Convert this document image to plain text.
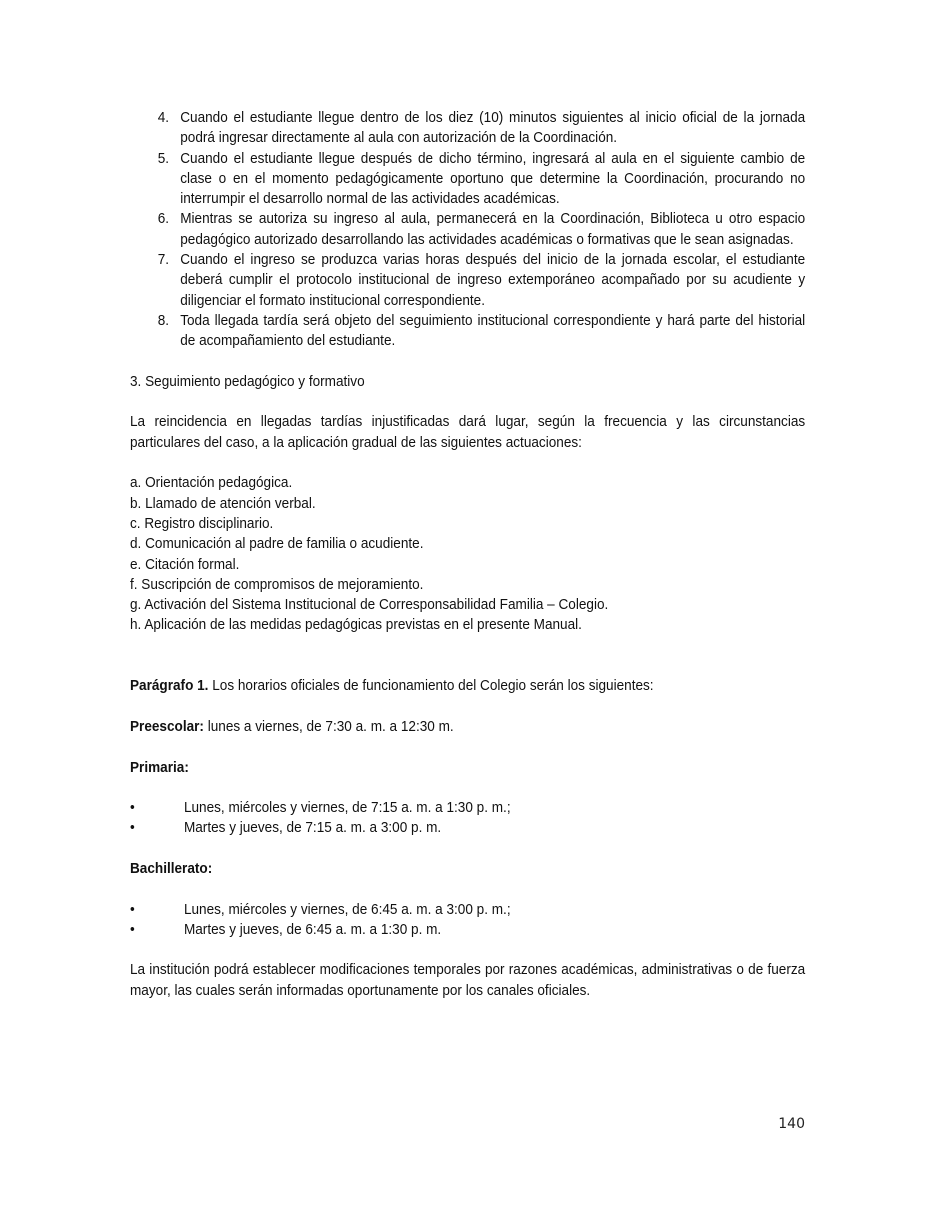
4. Cuando el estudiante llegue dentro de los diez (10) minutos siguientes al inicio oficial de la jornada podrá ingresar directamente al aula con autorización de la Coordinación.
5. Cuando el estudiante llegue después de dicho término, ingresará al aula en el siguiente cambio de clase o en el momento pedagógicamente oportuno que determine la Coordinación, procurando no interrumpir el desarrollo normal de las actividades académicas.
6. Mientras se autoriza su ingreso al aula, permanecerá en la Coordinación, Biblioteca u otro espacio pedagógico autorizado desarrollando las actividades académicas o formativas que le sean asignadas.
7. Cuando el ingreso se produzca varias horas después del inicio de la jornada escolar, el estudiante deberá cumplir el protocolo institucional de ingreso extemporáneo acompañado por su acudiente y diligenciar el formato institucional correspondiente.
8. Toda llegada tardía será objeto del seguimiento institucional correspondiente y hará parte del historial de acompañamiento del estudiante.

3. Seguimiento pedagógico y formativo

La reincidencia en llegadas tardías injustificadas dará lugar, según la frecuencia y las circunstancias particulares del caso, a la aplicación gradual de las siguientes actuaciones:

a. Orientación pedagógica.
b. Llamado de atención verbal.
c. Registro disciplinario.
d. Comunicación al padre de familia o acudiente.
e. Citación formal.
f. Suscripción de compromisos de mejoramiento.
g. Activación del Sistema Institucional de Corresponsabilidad Familia – Colegio.
h. Aplicación de las medidas pedagógicas previstas en el presente Manual.

Parágrafo 1. Los horarios oficiales de funcionamiento del Colegio serán los siguientes:

Preescolar: lunes a viernes, de 7:30 a. m. a 12:30 m.

Primaria:

•	Lunes, miércoles y viernes, de 7:15 a. m. a 1:30 p. m.;
•	Martes y jueves, de 7:15 a. m. a 3:00 p. m.

Bachillerato:

•	Lunes, miércoles y viernes, de 6:45 a. m. a 3:00 p. m.;
•	Martes y jueves, de 6:45 a. m. a 1:30 p. m.

La institución podrá establecer modificaciones temporales por razones académicas, administrativas o de fuerza mayor, las cuales serán informadas oportunamente por los canales oficiales.

140
